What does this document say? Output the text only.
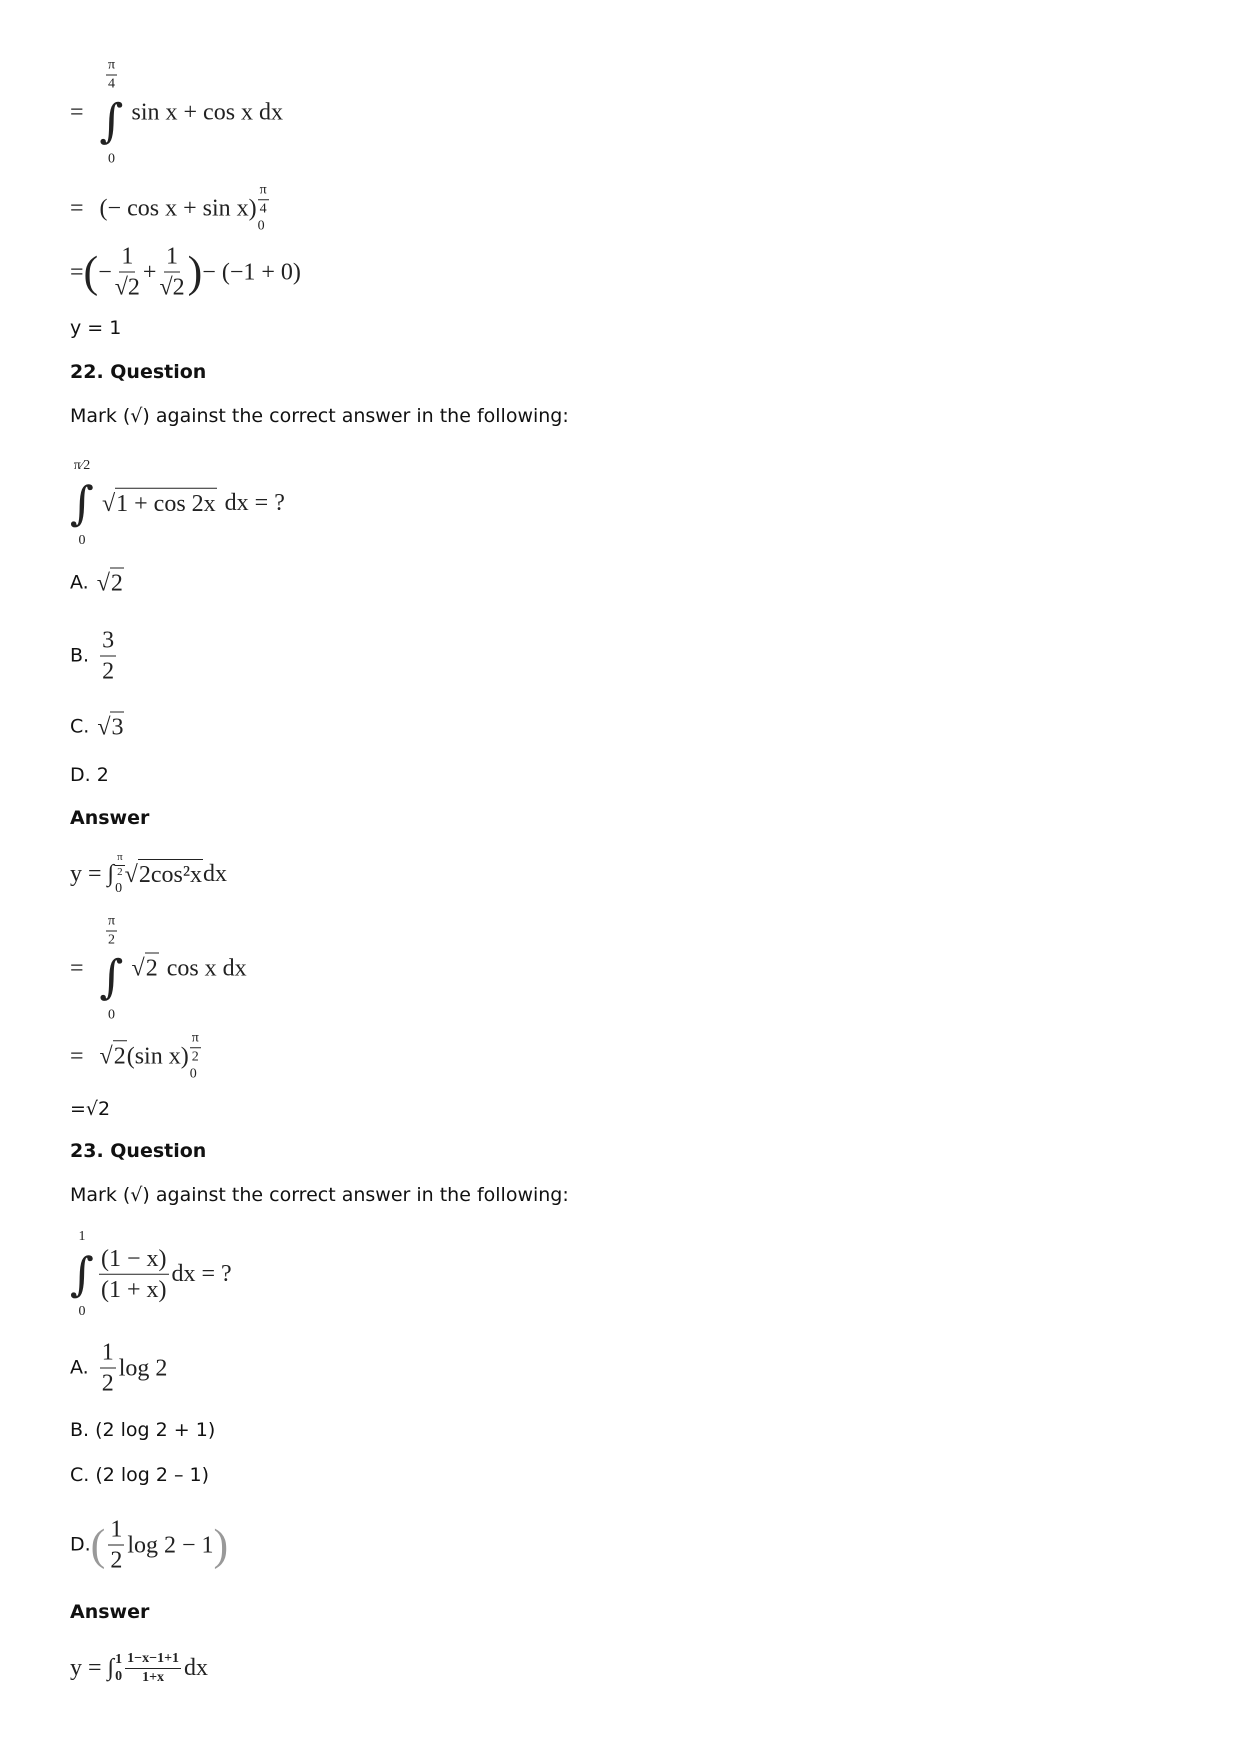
=
$\frac{\pi}{4}$
∫
0
sin x + cos x dx
= (− $\cos x + \sin x) \frac{\pi}{4}$
0
= ( − $\frac{1}{√2} + \frac{1}{√2}$ ) − (−1 + 0)
y = 1
22. Question
Mark (√) against the correct answer in the following:
π⁄2
∫
0
√ 1 + cos 2x dx = ?
A. √ 2
B. $\frac{3}{2}$
C. √ 3
D. 2
Answer
y = ∫ $\frac{\pi}{2}$
0
√ 2cos²x dx
=
$\frac{\pi}{2}$
∫
0
√ 2 cos x dx
= √ 2 (sin $x) \frac{\pi}{2}$
0
=√2
23. Question
Mark (√) against the correct answer in the following:
1
∫
0
$\frac{(1 - x)}{(1 + x)}$ dx = ?
A. $\frac{1}{2}$ log 2
B. (2 log 2 + 1)
C. (2 log 2 – 1)
D. ( $\frac{1}{2}$ log 2 − 1 )
Answer
y = ∫ 1
$0 \frac{1-x-1+1}{1+x}$ dx
